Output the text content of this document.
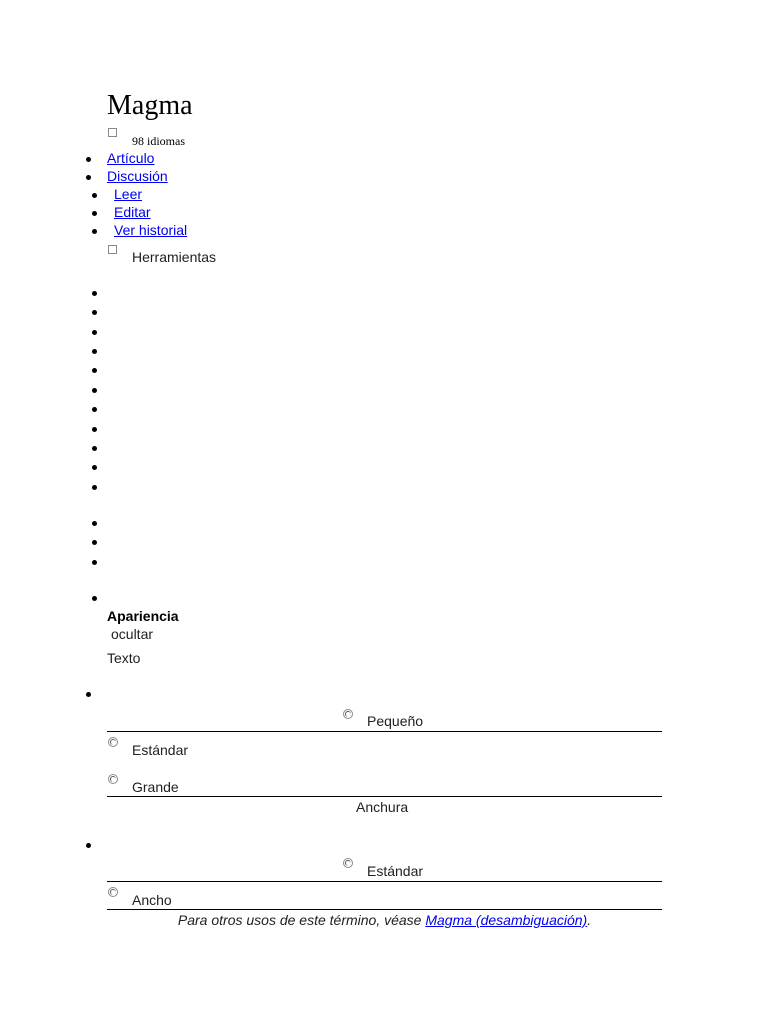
Magma
98 idiomas
Artículo
Discusión
Leer
Editar
Ver historial
Herramientas
Apariencia
ocultar
Texto
Pequeño
Estándar
Grande
Anchura
Estándar
Ancho
Para otros usos de este término, véase Magma (desambiguación).
